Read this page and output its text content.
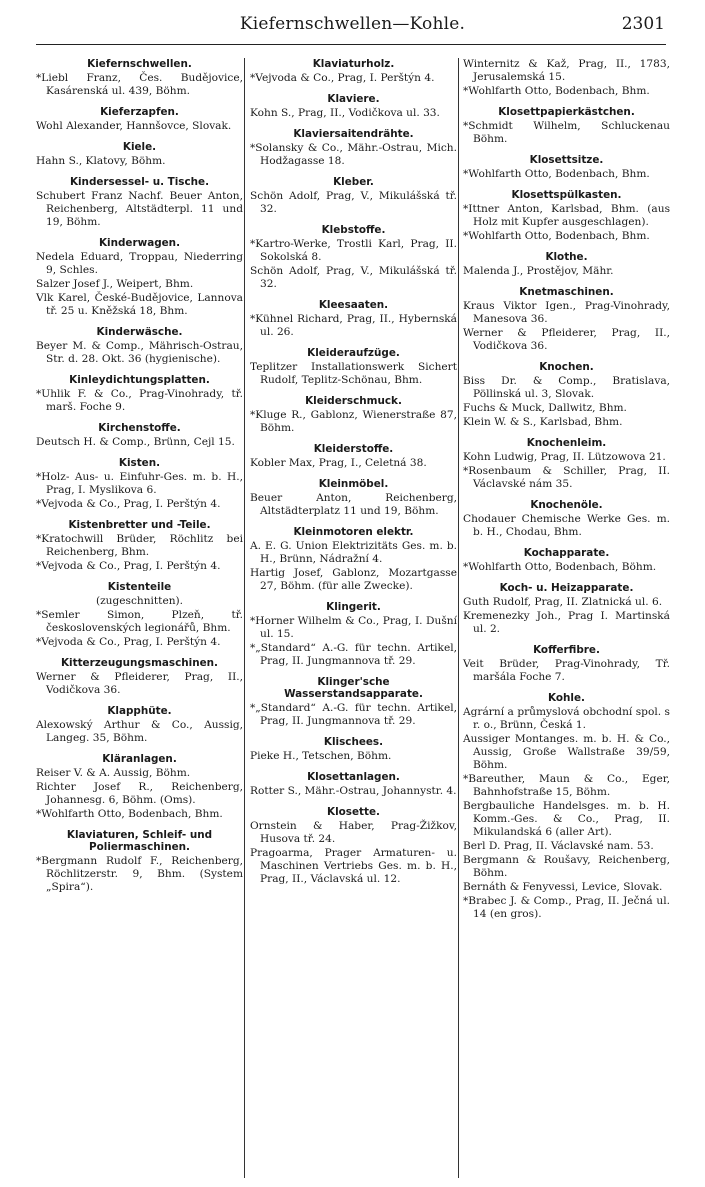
Kiefernschwellen—Kohle.	2301
Kiefernschwellen.
*Liebl Franz, Čes. Budějovice, Kasárenská ul. 439, Böhm.
Kieferzapfen.
Wohl Alexander, Hannšovce, Slovak.
Kiele.
Hahn S., Klatovy, Böhm.
Kindersessel- u. Tische.
Schubert Franz Nachf. Beuer Anton, Reichenberg, Altstädterpl. 11 und 19, Böhm.
Kinderwagen.
Nedela Eduard, Troppau, Niederring 9, Schles.
Salzer Josef J., Weipert, Bhm.
Vlk Karel, České-Budějovice, Lannova tř. 25 u. Kněžská 18, Bhm.
Kinderwäsche.
Beyer M. & Comp., Mährisch-Ostrau, Str. d. 28. Okt. 36 (hygienische).
Kinleydichtungsplatten.
*Uhlik F. & Co., Prag-Vinohrady, tř. marš. Foche 9.
Kirchenstoffe.
Deutsch H. & Comp., Brünn, Cejl 15.
Kisten.
*Holz- Aus- u. Einfuhr-Ges. m. b. H., Prag, I. Myslikova 6.
*Vejvoda & Co., Prag, I. Perštýn 4.
Kistenbretter und -Teile.
*Kratochwill Brüder, Röchlitz bei Reichenberg, Bhm.
*Vejvoda & Co., Prag, I. Perštýn 4.
Kistenteile
(zugeschnitten).
*Semler Simon, Plzeň, tř. československých legionářů, Bhm.
*Vejvoda & Co., Prag, I. Perštýn 4.
Kitterzeugungsmaschinen.
Werner & Pfleiderer, Prag, II., Vodičkova 36.
Klapphüte.
Alexowský Arthur & Co., Aussig, Langeg. 35, Böhm.
Kläranlagen.
Reiser V. & A. Aussig, Böhm.
Richter Josef R., Reichenberg, Johannesg. 6, Böhm. (Oms).
*Wohlfarth Otto, Bodenbach, Bhm.
Klaviaturen, Schleif- und Poliermaschinen.
*Bergmann Rudolf F., Reichenberg, Röchlitzerstr. 9, Bhm. (System „Spira“).
Klaviaturholz.
*Vejvoda & Co., Prag, I. Perštýn 4.
Klaviere.
Kohn S., Prag, II., Vodičkova ul. 33.
Klaviersaitendrähte.
*Solansky & Co., Mähr.-Ostrau, Mich. Hodžagasse 18.
Kleber.
Schön Adolf, Prag, V., Mikulášská tř. 32.
Klebstoffe.
*Kartro-Werke, Trostli Karl, Prag, II. Sokolská 8.
Schön Adolf, Prag, V., Mikulášská tř. 32.
Kleesaaten.
*Kühnel Richard, Prag, II., Hybernská ul. 26.
Kleideraufzüge.
Teplitzer Installationswerk Sichert Rudolf, Teplitz-Schönau, Bhm.
Kleiderschmuck.
*Kluge R., Gablonz, Wienerstraße 87, Böhm.
Kleiderstoffe.
Kobler Max, Prag, I., Celetná 38.
Kleinmöbel.
Beuer Anton, Reichenberg, Altstädterplatz 11 und 19, Böhm.
Kleinmotoren elektr.
A. E. G. Union Elektrizitäts Ges. m. b. H., Brünn, Nádražní 4.
Hartig Josef, Gablonz, Mozartgasse 27, Böhm. (für alle Zwecke).
Klingerit.
*Horner Wilhelm & Co., Prag, I. Dušní ul. 15.
*„Standard“ A.-G. für techn. Artikel, Prag, II. Jungmannova tř. 29.
Klinger'sche Wasserstandsapparate.
*„Standard“ A.-G. für techn. Artikel, Prag, II. Jungmannova tř. 29.
Klischees.
Pieke H., Tetschen, Böhm.
Klosettanlagen.
Rotter S., Mähr.-Ostrau, Johannystr. 4.
Klosette.
Ornstein & Haber, Prag-Žižkov, Husova tř. 24.
Pragoarma, Prager Armaturen- u. Maschinen Vertriebs Ges. m. b. H., Prag, II., Václavská ul. 12.
Winternitz & Kaž, Prag, II., 1783, Jerusalemská 15.
*Wohlfarth Otto, Bodenbach, Bhm.
Klosettpapierkästchen.
*Schmidt Wilhelm, Schluckenau Böhm.
Klosettsitze.
*Wohlfarth Otto, Bodenbach, Bhm.
Klosettspülkasten.
*Ittner Anton, Karlsbad, Bhm. (aus Holz mit Kupfer ausgeschlagen).
*Wohlfarth Otto, Bodenbach, Bhm.
Klothe.
Malenda J., Prostějov, Mähr.
Knetmaschinen.
Kraus Viktor Igen., Prag-Vinohrady, Manesova 36.
Werner & Pfleiderer, Prag, II., Vodičkova 36.
Knochen.
Biss Dr. & Comp., Bratislava, Pöllinská ul. 3, Slovak.
Fuchs & Muck, Dallwitz, Bhm.
Klein W. & S., Karlsbad, Bhm.
Knochenleim.
Kohn Ludwig, Prag, II. Lützowova 21.
*Rosenbaum & Schiller, Prag, II. Václavské nám 35.
Knochenöle.
Chodauer Chemische Werke Ges. m. b. H., Chodau, Bhm.
Kochapparate.
*Wohlfarth Otto, Bodenbach, Böhm.
Koch- u. Heizapparate.
Guth Rudolf, Prag, II. Zlatnická ul. 6.
Kremenezky Joh., Prag I. Martinská ul. 2.
Kofferfibre.
Veit Brüder, Prag-Vinohrady, Tř. maršála Foche 7.
Kohle.
Agrární a průmyslová obchodní spol. s r. o., Brünn, Česká 1.
Aussiger Montanges. m. b. H. & Co., Aussig, Große Wallstraße 39/59, Böhm.
*Bareuther, Maun & Co., Eger, Bahnhofstraße 15, Böhm.
Bergbauliche Handelsges. m. b. H. Komm.-Ges. & Co., Prag, II. Mikulandská 6 (aller Art).
Berl D. Prag, II. Václavské nam. 53.
Bergmann & Roušavy, Reichenberg, Böhm.
Bernáth & Fenyvessi, Levice, Slovak.
*Brabec J. & Comp., Prag, II. Ječná ul. 14 (en gros).
